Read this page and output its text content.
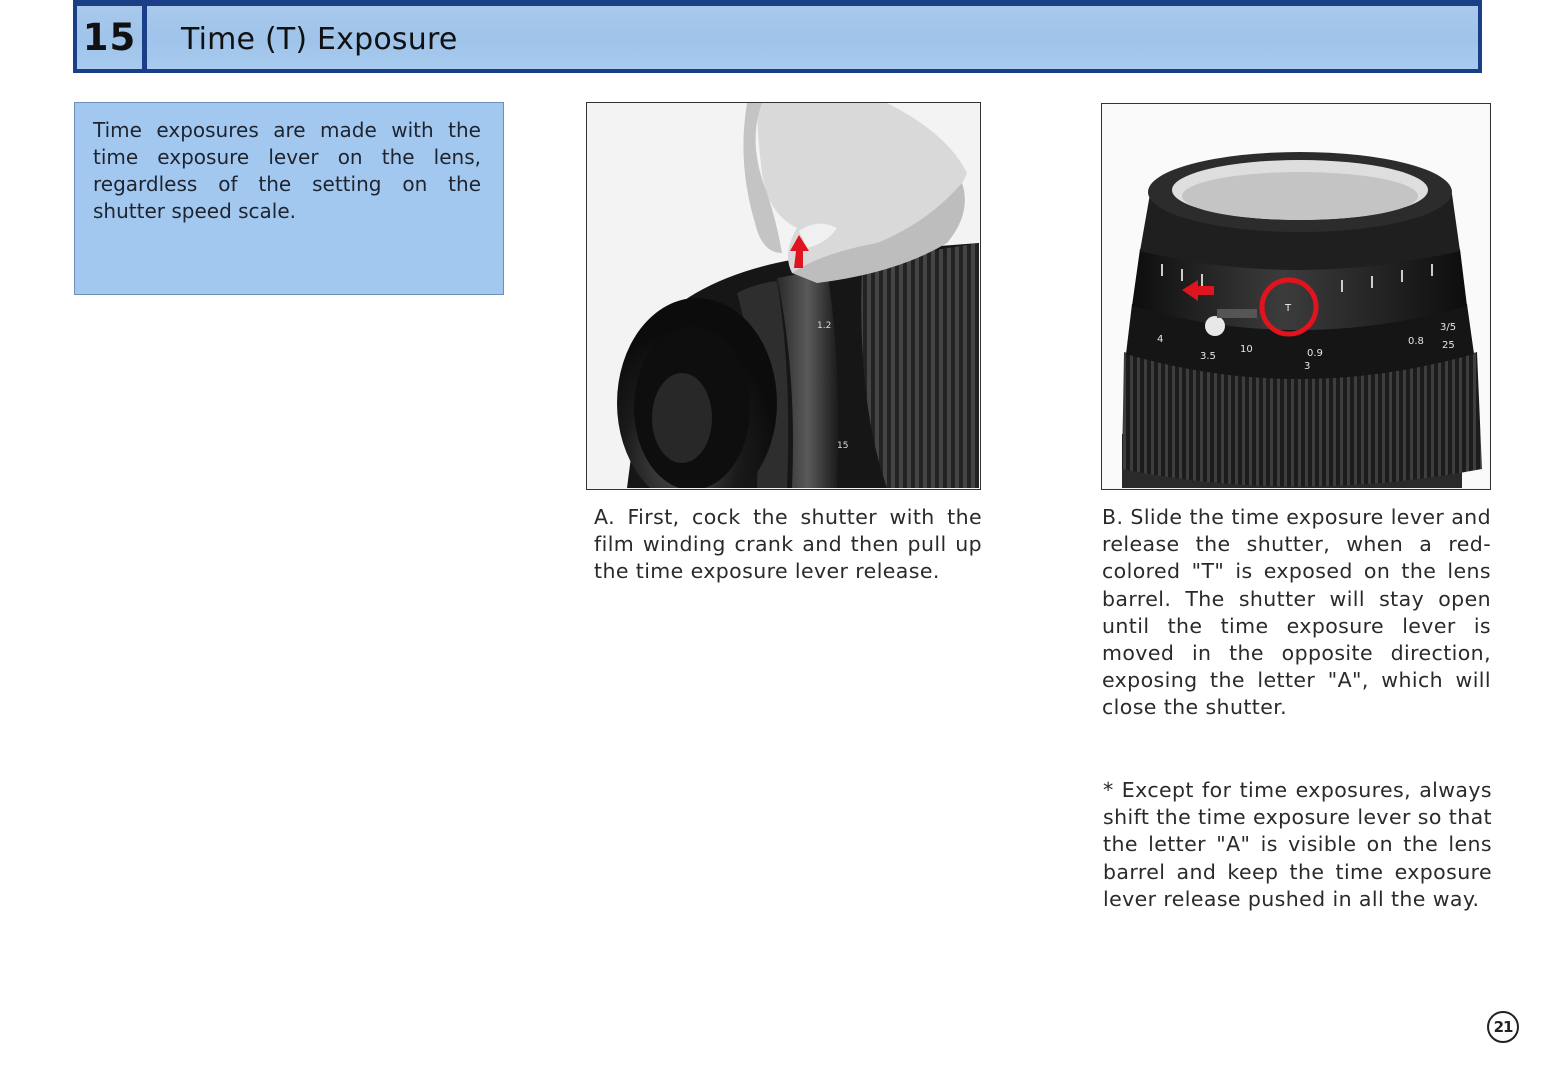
15	Time (T) Exposure

Time exposures are made with the time exposure lever on the lens, regardless of the setting on the shutter speed scale.

1.2
15
4
3.5
10	0.9
3
0.8
3/5
25
T

A. First, cock the shutter with the film winding crank and then pull up the time exposure lever release.

B. Slide the time exposure lever and release the shutter, when a red-colored "T" is exposed on the lens barrel. The shutter will stay open until the time exposure lever is moved in the opposite direction, exposing the letter "A", which will close the shutter.

* Except for time exposures, always shift the time exposure lever so that the letter "A" is visible on the lens barrel and keep the time exposure lever release pushed in all the way.

21
